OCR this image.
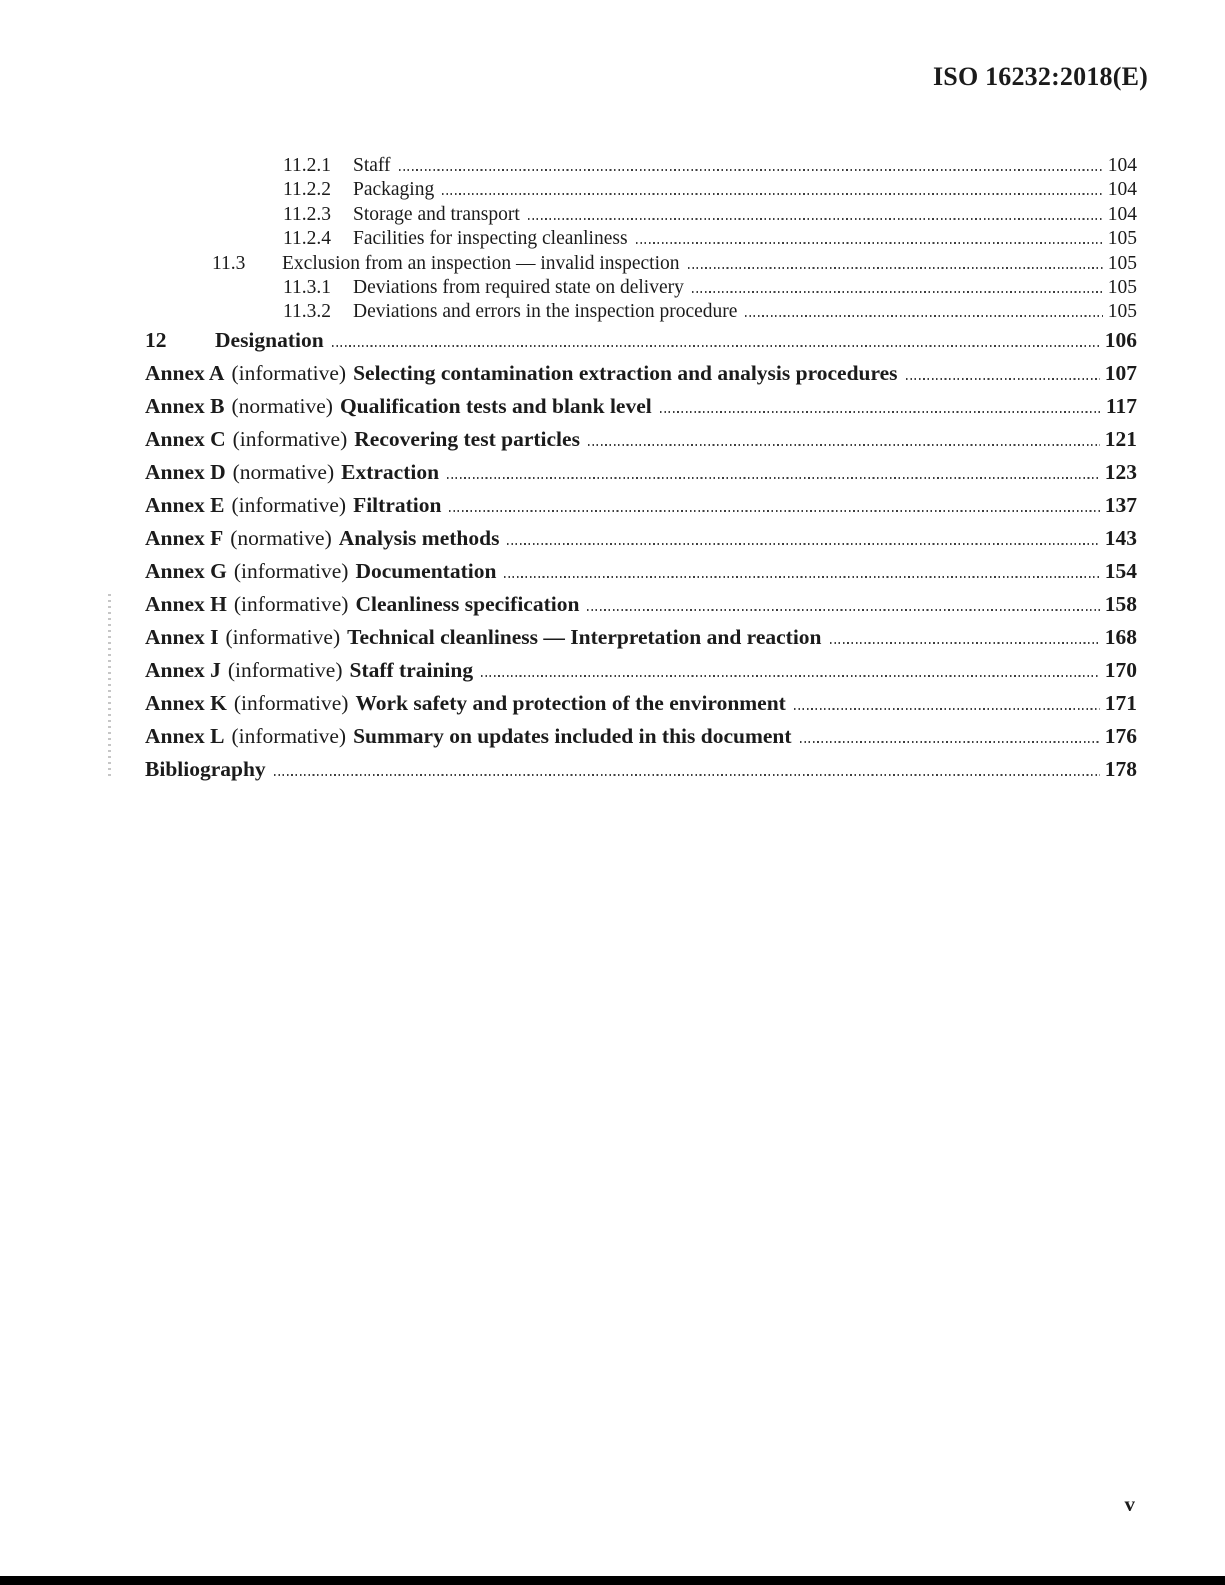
ISO 16232:2018(E)
11.2.1	Staff	104
11.2.2	Packaging	104
11.2.3	Storage and transport	104
11.2.4	Facilities for inspecting cleanliness	105
11.3	Exclusion from an inspection — invalid inspection	105
11.3.1	Deviations from required state on delivery	105
11.3.2	Deviations and errors in the inspection procedure	105
12	Designation	106
Annex A (informative) Selecting contamination extraction and analysis procedures	107
Annex B (normative) Qualification tests and blank level	117
Annex C (informative) Recovering test particles	121
Annex D (normative) Extraction	123
Annex E (informative) Filtration	137
Annex F (normative) Analysis methods	143
Annex G (informative) Documentation	154
Annex H (informative) Cleanliness specification	158
Annex I (informative) Technical cleanliness — Interpretation and reaction	168
Annex J (informative) Staff training	170
Annex K (informative) Work safety and protection of the environment	171
Annex L (informative) Summary on updates included in this document	176
Bibliography	178
v
